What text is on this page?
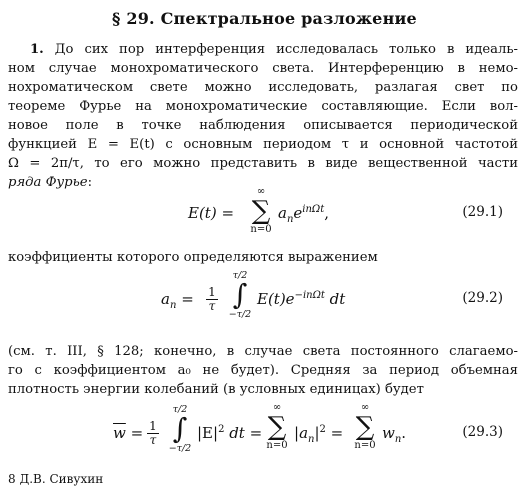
§ 29. Спектральное разложение
1. До сих пор интерференция исследовалась только в идеаль-
ном случае монохроматического света. Интерференцию в немо-
нохроматическом свете можно исследовать, разлагая свет по
теореме Фурье на монохроматические составляющие. Если вол-
новое поле в точке наблюдения описывается периодической
функцией E = E(t) с основным периодом τ и основной частотой
Ω = 2π/τ, то его можно представить в виде вещественной части
ряда Фурье:
E(t) =
∞
∑
n=0
$a_ne^{in\Omega t}$,	(29.1)
коэффициенты которого определяются выражением
$a_n = \frac{1}{\tau}$
τ/2
∫
−τ/2
$E(t)e^{-in\Omega t}$ dt	(29.2)
(см. т. III, § 128; конечно, в случае света постоянного слагаемо-
го с коэффициентом a₀ не будет). Средняя за период объемная
плотность энергии колебаний (в условных единицах) будет
$\overline{w} = \frac{1}{\tau}$
τ/2
∫
−τ/2
$|E|^2$ dt =
∞
∑
n=0
$|a_n|^2$ =
∞
∑
n=0
$w_n$.	(29.3)
8 Д.В. Сивухин
